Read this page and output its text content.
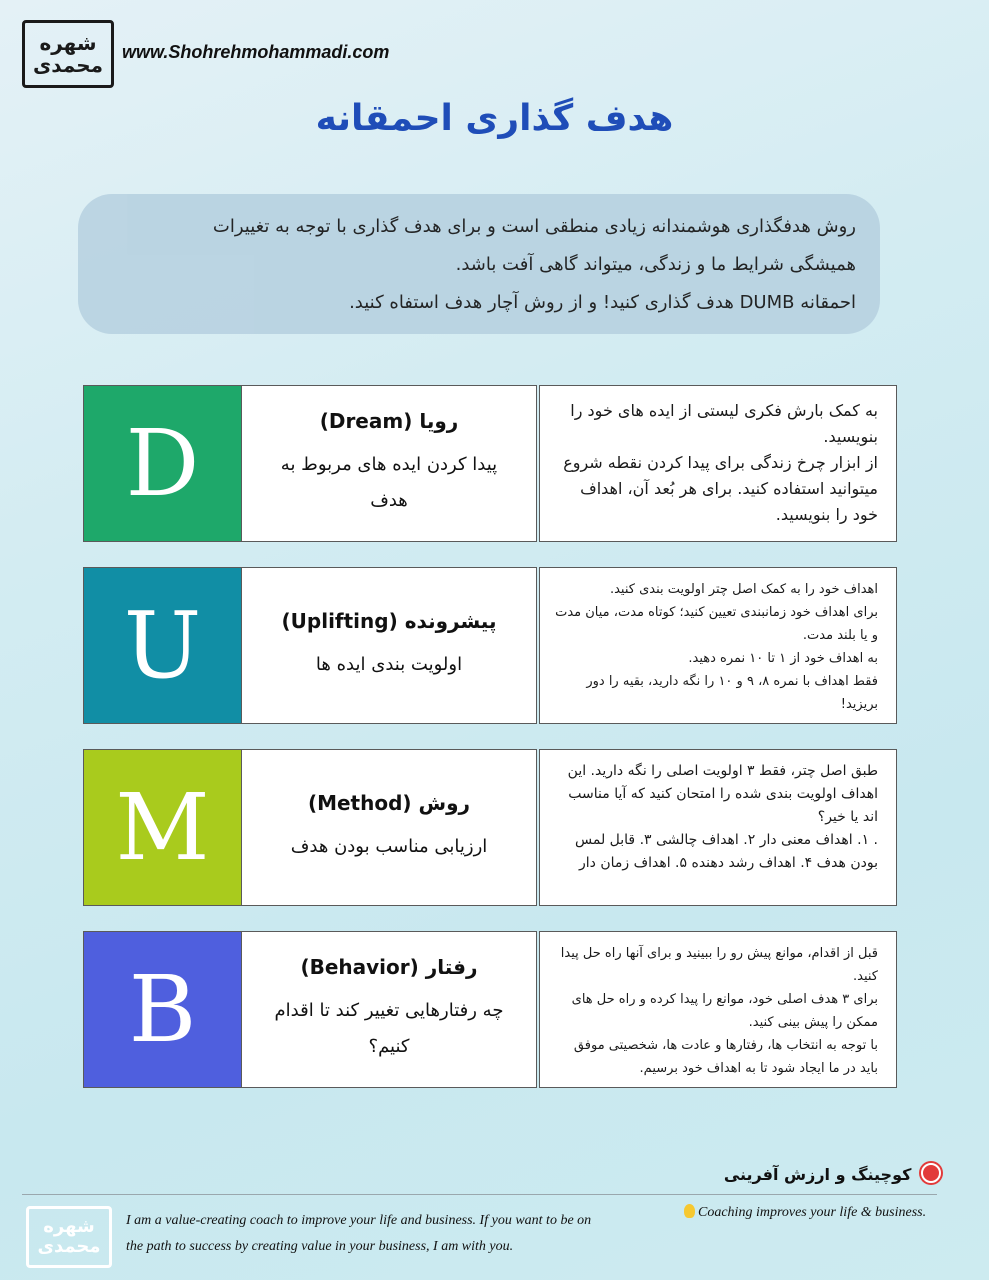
شهره
محمدی
www.Shohrehmohammadi.com
هدف گذاری احمقانه

روش هدفگذاری هوشمندانه زیادی منطقی است و برای هدف گذاری با توجه به تغییرات

همیشگی شرایط ما و زندگی، میتواند گاهی آفت باشد.

احمقانه DUMB هدف گذاری کنید! و از روش آچار هدف استفاه کنید.

D	رویا (Dream)
پیدا کردن ایده های مربوط به هدف

به کمک بارش فکری لیستی از ایده های خود را بنویسید.

از ابزار چرخ زندگی برای پیدا کردن نقطه شروع میتوانید استفاده کنید. برای هر بُعد آن، اهداف خود را بنویسید.

U	پیشرونده (Uplifting)
اولویت بندی ایده ها

اهداف خود را به کمک اصل چتر اولویت بندی کنید.

برای اهداف خود زمانبندی تعیین کنید؛ کوتاه مدت، میان مدت و یا بلند مدت.

به اهداف خود از ۱ تا ۱۰ نمره دهید.

فقط اهداف با نمره ۸، ۹ و ۱۰ را نگه دارید، بقیه را دور بریزید!

M	روش (Method)
ارزیابی مناسب بودن هدف

طبق اصل چتر، فقط ۳ اولویت اصلی را نگه دارید. این اهداف اولویت بندی شده را امتحان کنید که آیا مناسب اند یا خیر؟

. ۱. اهداف معنی دار ۲. اهداف چالشی ۳. قابل لمس بودن هدف ۴. اهداف رشد دهنده ۵. اهداف زمان دار

B	رفتار (Behavior)
چه رفتارهایی تغییر کند تا اقدام کنیم؟

قبل از اقدام، موانع پیش رو را ببینید و برای آنها راه حل پیدا کنید.

برای ۳ هدف اصلی خود، موانع را پیدا کرده و راه حل های ممکن را پیش بینی کنید.

با توجه به انتخاب ها، رفتارها و عادت ها، شخصیتی موفق باید در ما ایجاد شود تا به اهداف خود برسیم.

کوچینگ و ارزش آفرینی
شهره
محمدی
I am a value-creating coach to improve your life and business. If you want to be on
the path to success by creating value in your business, I am with you.
Coaching improves your life & business.
